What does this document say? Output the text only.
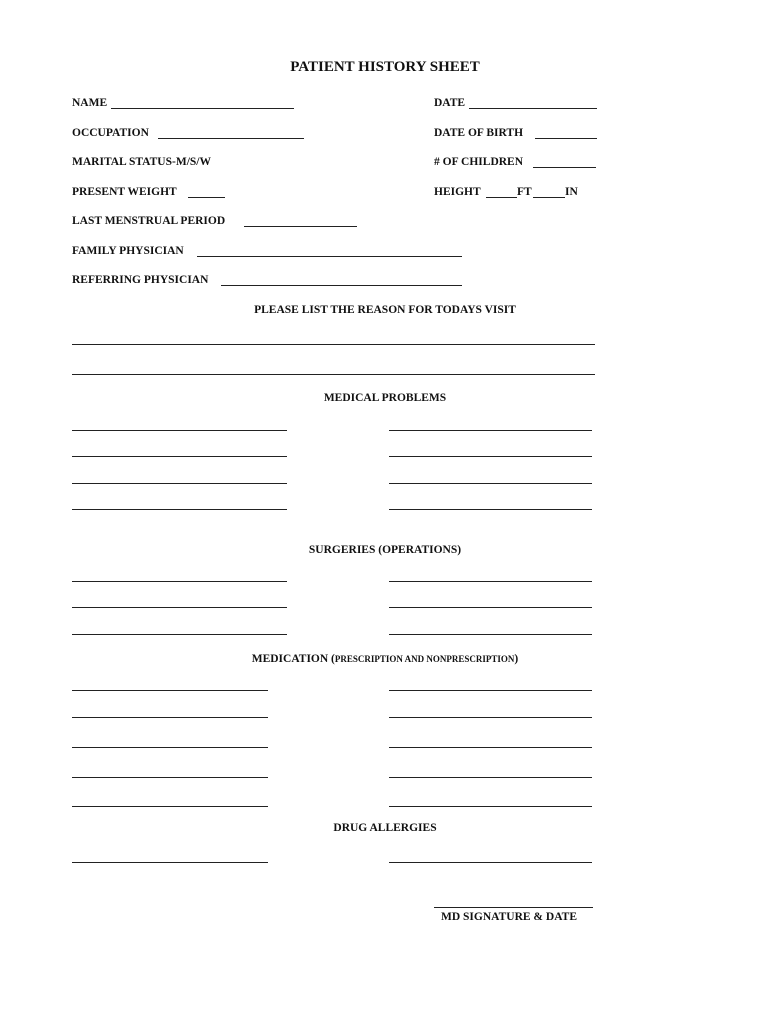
PATIENT HISTORY SHEET
NAME	DATE
OCCUPATION	DATE OF BIRTH
MARITAL STATUS-M/S/W	# OF CHILDREN
PRESENT WEIGHT	HEIGHT	FT	IN
LAST MENSTRUAL PERIOD
FAMILY PHYSICIAN
REFERRING PHYSICIAN
PLEASE LIST THE REASON FOR TODAYS VISIT
MEDICAL PROBLEMS
SURGERIES (OPERATIONS)
MEDICATION (PRESCRIPTION AND NONPRESCRIPTION)
DRUG ALLERGIES
MD SIGNATURE & DATE
